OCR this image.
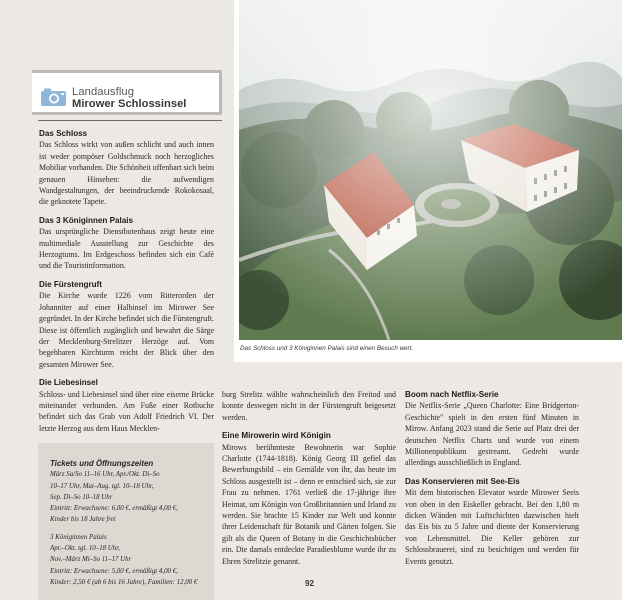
Landausflug
Mirower Schlossinsel
Das Schloss

Das Schloss wirkt von außen schlicht und auch innen ist weder pompöser Goldschmuck noch herzogliches Mobiliar vorhanden. Die Schönheit offenbart sich beim genauen Hinsehen: die aufwendigen Wandgestaltungen, der beeindruckende Rokokosaal, die geknotete Tapete.

Das 3 Königinnen Palais

Das ursprüngliche Dienstbotenhaus zeigt heute eine multimediale Ausstellung zur Geschichte des Herzogtums. Im Erdgeschoss befinden sich ein Café und die Touristinformation.

Die Fürstengruft

Die Kirche wurde 1226 vom Ritterorden der Johanniter auf einer Halbinsel im Mirower See gegründet. In der Kirche befindet sich die Fürstengruft. Diese ist öffentlich zugänglich und bewahrt die Särge der Mecklenburg-Strelitzer Herzöge auf. Vom begehbaren Kirchturm reicht der Blick über den gesamten Mirower See.

Die Liebesinsel

Schloss- und Liebesinsel sind über eine eiserne Brücke miteinander verbunden. Am Fuße einer Rotbuche befindet sich das Grab von Adolf Friedrich VI. Der letzte Herzog aus dem Haus Mecklen-

Das Schloss und 3 Königinnen Palais sind einen Besuch wert.

burg Strelitz wählte wahrscheinlich den Freitod und konnte deswegen nicht in der Fürstengruft beigesetzt werden.

Eine Mirowerin wird Königin

Mirows berühmteste Bewohnerin war Sophie Charlotte (1744-1818). König Georg III gefiel das Bewerbungsbild – ein Gemälde von ihr, das heute im Schloss ausgestellt ist – denn er entschied sich, sie zur Frau zu nehmen. 1761 verließ die 17-jährige ihre Heimat, um Königin von Großbritannien und Irland zu werden. Sie brachte 15 Kinder zur Welt und konnte ihrer Leidenschaft für Botanik und Gärten folgen. Sie gilt als die Queen of Botany in die Geschichtsbücher ein. Die damals entdeckte Paradiesblume wurde ihr zu Ehren Strelitzie genannt.

Boom nach Netflix-Serie

Die Netflix-Serie „Queen Charlotte: Eine Bridgerton-Geschichte" spielt in den ersten fünf Minuten in Mirow. Anfang 2023 stand die Serie auf Platz drei der deutschen Netflix Charts und wurde von einem Millionenpublikum gestreamt. Gedreht wurde allerdings ausschließlich in England.

Das Konservieren mit See-Eis

Mit dem historischen Elevator wurde Mirower Seeis von oben in den Eiskeller gebracht. Bei den 1,80 m dicken Wänden mit Luftschichten dazwischen hielt das Eis bis zu 5 Jahre und diente der Konservierung von Lebensmittel. Die Keller gehören zur Schlossbrauerei, sind zu besichtigen und werden für Events genutzt.

Tickets und Öffnungszeiten
März Sa/So 11–16 Uhr, Apr./Okt. Di–So
10–17 Uhr, Mai–Aug. tgl. 10–18 Uhr,
Sep. Di–So 10–18 Uhr
Eintritt: Erwachsene: 6,00 €, ermäßigt 4,00 €,
Kinder bis 18 Jahre frei
3 Königinnen Palais
Apr.–Okt. tgl. 10–18 Uhr,
Nov.–März Mi–So 11–17 Uhr
Eintritt: Erwachsene: 5,00 €, ermäßigt 4,00 €,
Kinder: 2,50 € (ab 6 bis 16 Jahre), Familien: 12,00 €	92
